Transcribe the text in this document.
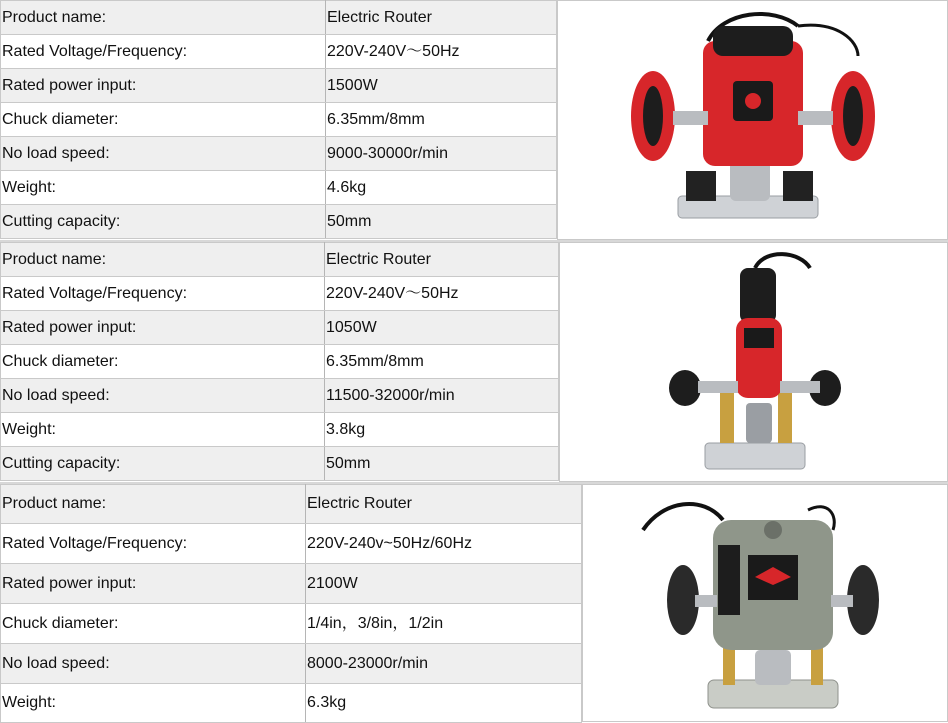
Product name:	Electric Router
Rated Voltage/Frequency:	220V-240V～50Hz
Rated power input:	1500W
Chuck diameter:	6.35mm/8mm
No load speed:	9000-30000r/min
Weight:	4.6kg
Cutting capacity:	50mm
Product name:	Electric Router
Rated Voltage/Frequency:	220V-240V～50Hz
Rated power input:	1050W
Chuck diameter:	6.35mm/8mm
No load speed:	11500-32000r/min
Weight:	3.8kg
Cutting capacity:	50mm
Product name:	Electric Router
Rated Voltage/Frequency:	220V-240v~50Hz/60Hz
Rated power input:	2100W
Chuck diameter:	1/4in，3/8in，1/2in
No load speed:	8000-23000r/min
Weight:	6.3kg
